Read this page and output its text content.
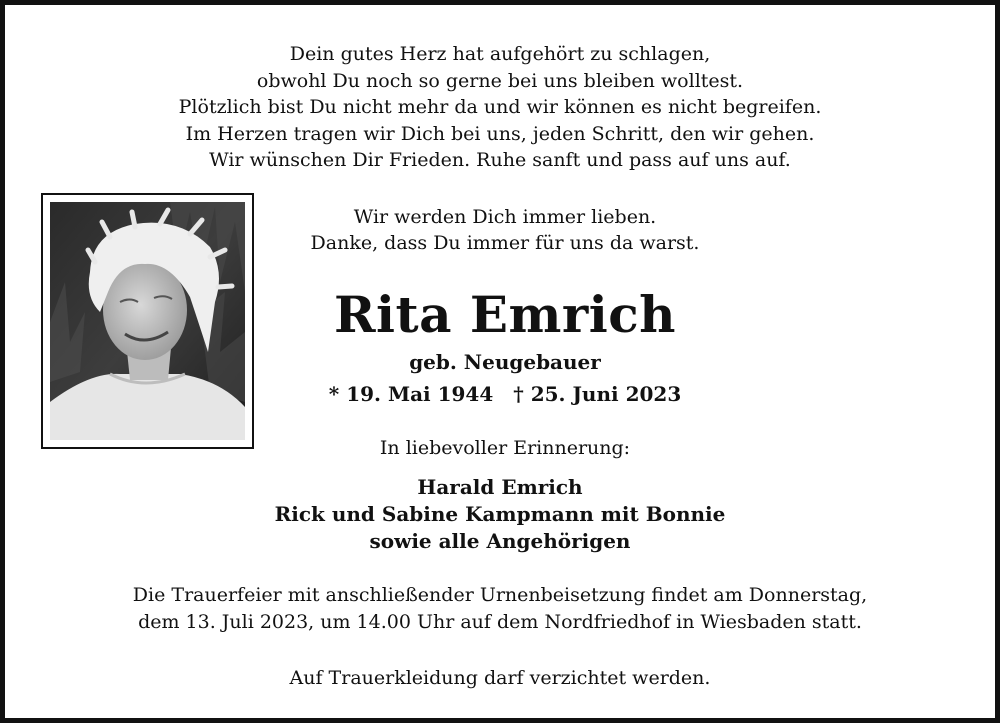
Dein gutes Herz hat aufgehört zu schlagen,
obwohl Du noch so gerne bei uns bleiben wolltest.
Plötzlich bist Du nicht mehr da und wir können es nicht begreifen.
Im Herzen tragen wir Dich bei uns, jeden Schritt, den wir gehen.
Wir wünschen Dir Frieden. Ruhe sanft und pass auf uns auf.
Wir werden Dich immer lieben.
Danke, dass Du immer für uns da warst.
Rita Emrich
geb. Neugebauer
* 19. Mai 1944 † 25. Juni 2023
In liebevoller Erinnerung:
Harald Emrich
Rick und Sabine Kampmann mit Bonnie
sowie alle Angehörigen
Die Trauerfeier mit anschließender Urnenbeisetzung findet am Donnerstag,
dem 13. Juli 2023, um 14.00 Uhr auf dem Nordfriedhof in Wiesbaden statt.
Auf Trauerkleidung darf verzichtet werden.
